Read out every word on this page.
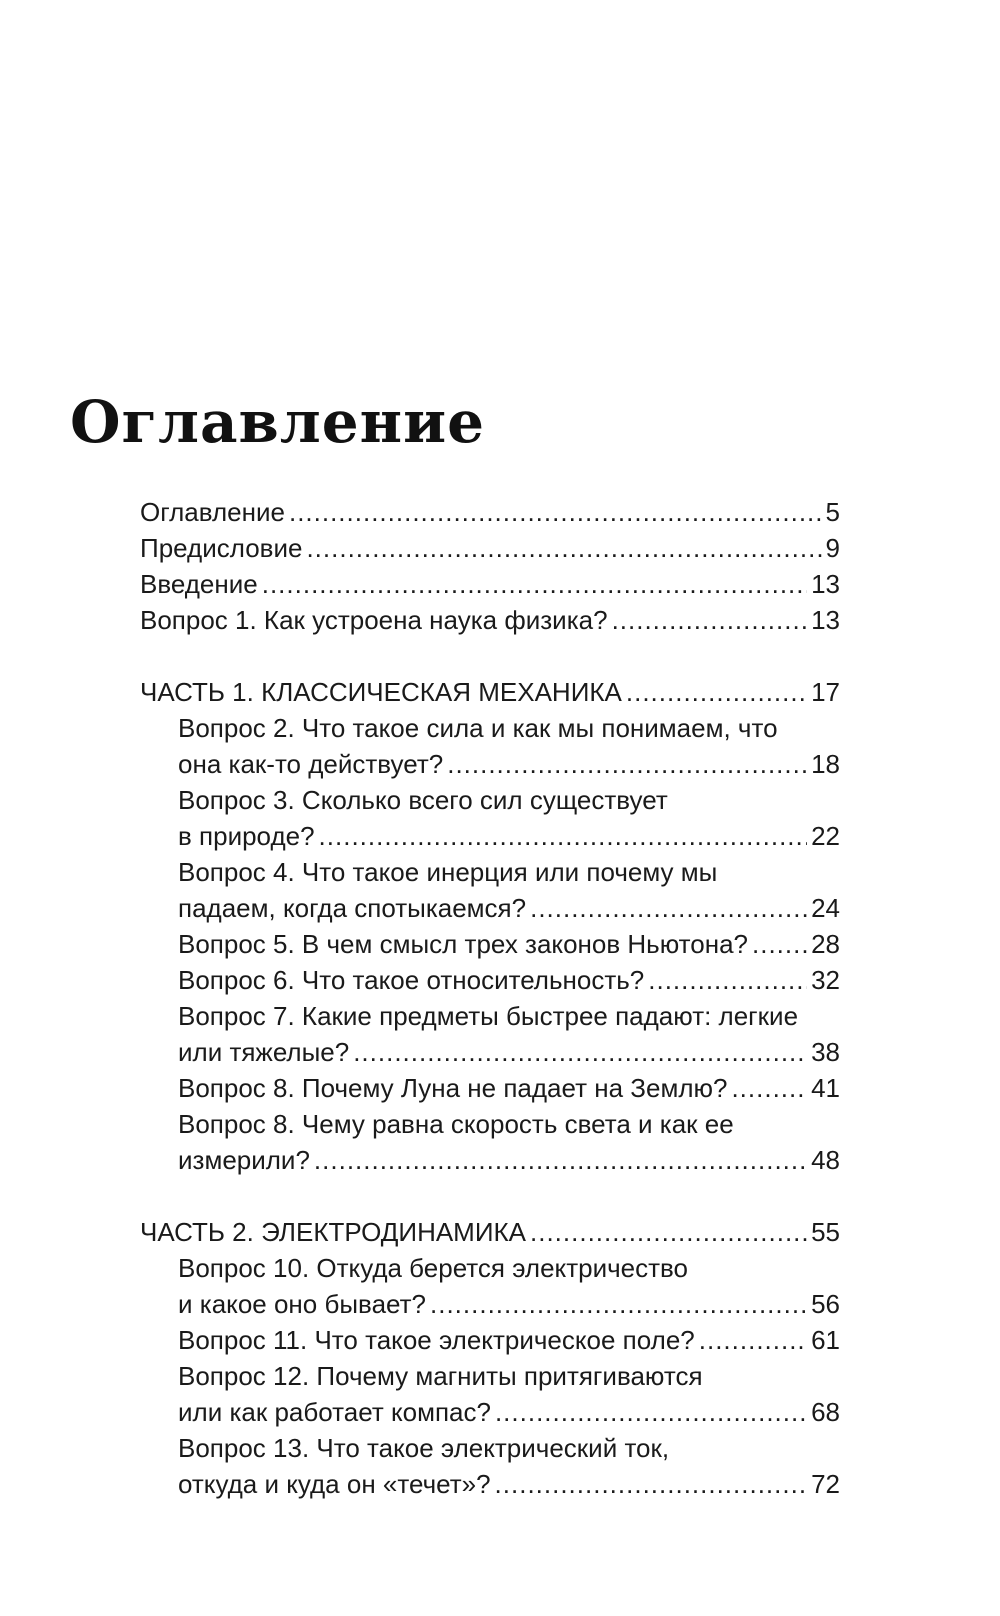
Оглавление
Оглавление .....	5
Предисловие .....	9
Введение .....	13
Вопрос 1. Как устроена наука физика? .....	13
ЧАСТЬ 1. КЛАССИЧЕСКАЯ МЕХАНИКА .....	17
Вопрос 2. Что такое сила и как мы понимаем, что
она как-то действует? .....	18
Вопрос 3. Сколько всего сил существует
в природе? .....	22
Вопрос 4. Что такое инерция или почему мы
падаем, когда спотыкаемся? .....	24
Вопрос 5. В чем смысл трех законов Ньютона? ..... 28
Вопрос 6. Что такое относительность? .....	32
Вопрос 7. Какие предметы быстрее падают: легкие
или тяжелые? .....	38
Вопрос 8. Почему Луна не падает на Землю? .....	41
Вопрос 8. Чему равна скорость света и как ее
измерили? .....	48
ЧАСТЬ 2. ЭЛЕКТРОДИНАМИКА .....	55
Вопрос 10. Откуда берется электричество
и какое оно бывает? .....	56
Вопрос 11. Что такое электрическое поле? .....	61
Вопрос 12. Почему магниты притягиваются
или как работает компас? .....	68
Вопрос 13. Что такое электрический ток,
откуда и куда он «течет»? .....	72
